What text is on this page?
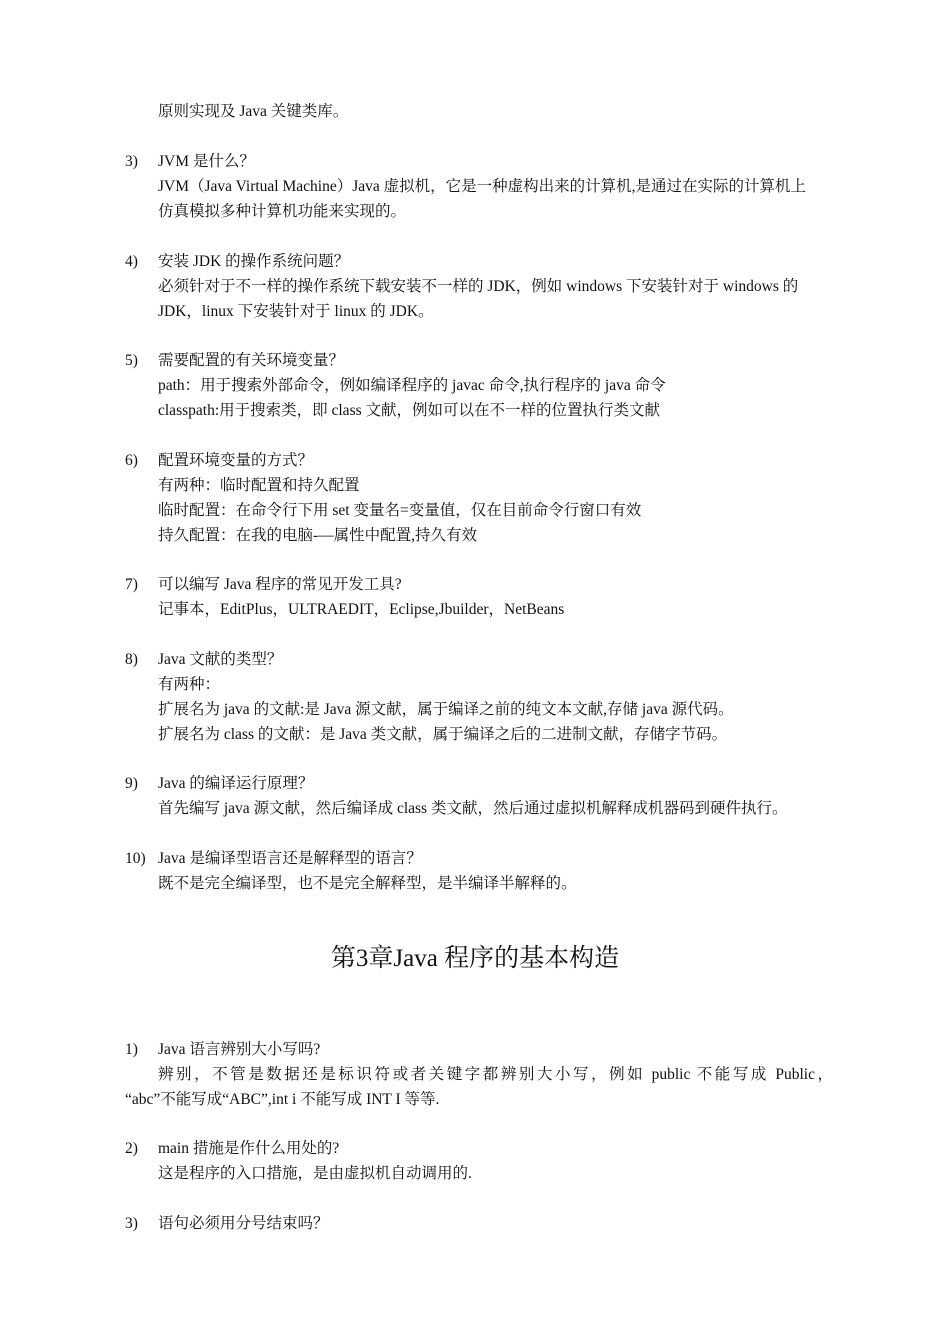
原则实现及 Java 关键类库。
3) JVM 是什么？
JVM（Java Virtual Machine）Java 虚拟机，它是一种虚构出来的计算机,是通过在实际的计算机上
仿真模拟多种计算机功能来实现的。
4) 安装 JDK 的操作系统问题？
必须针对于不一样的操作系统下载安装不一样的 JDK，例如 windows 下安装针对于 windows 的
JDK，linux 下安装针对于 linux 的 JDK。
5) 需要配置的有关环境变量？
path：用于搜索外部命令，例如编译程序的 javac 命令,执行程序的 java 命令
classpath:用于搜索类，即 class 文献，例如可以在不一样的位置执行类文献
6) 配置环境变量的方式？
有两种：临时配置和持久配置
临时配置：在命令行下用 set 变量名=变量值，仅在目前命令行窗口有效
持久配置：在我的电脑-—属性中配置,持久有效
7) 可以编写 Java 程序的常见开发工具?
记事本，EditPlus，ULTRAEDIT，Eclipse,Jbuilder，NetBeans
8) Java 文献的类型？
有两种：
扩展名为 java 的文献:是 Java 源文献，属于编译之前的纯文本文献,存储 java 源代码。
扩展名为 class 的文献：是 Java 类文献，属于编译之后的二进制文献，存储字节码。
9) Java 的编译运行原理？
首先编写 java 源文献，然后编译成 class 类文献，然后通过虚拟机解释成机器码到硬件执行。
10) Java 是编译型语言还是解释型的语言？
既不是完全编译型，也不是完全解释型，是半编译半解释的。
第3章Java 程序的基本构造
1) Java 语言辨别大小写吗?
辨别，不管是数据还是标识符或者关键字都辨别大小写，例如 public 不能写成 Public，
“abc”不能写成“ABC”,int i 不能写成 INT I 等等.
2) main 措施是作什么用处的?
这是程序的入口措施，是由虚拟机自动调用的.
3) 语句必须用分号结束吗？
